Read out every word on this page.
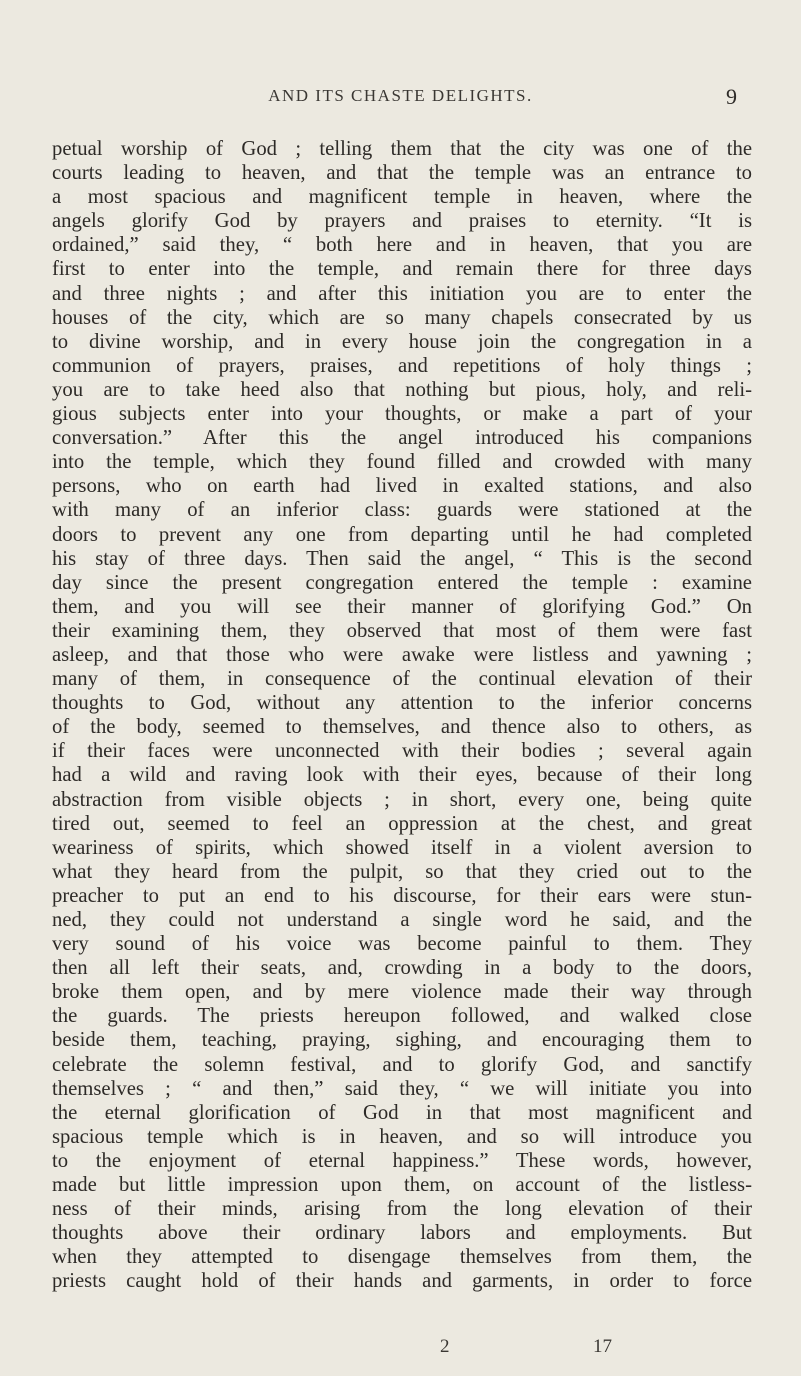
AND ITS CHASTE DELIGHTS.	9
petual worship of God ; telling them that the city was one of the
courts leading to heaven, and that the temple was an entrance to
a most spacious and magnificent temple in heaven, where the
angels glorify God by prayers and praises to eternity. “It is
ordained,” said they, “ both here and in heaven, that you are
first to enter into the temple, and remain there for three days
and three nights ; and after this initiation you are to enter the
houses of the city, which are so many chapels consecrated by us
to divine worship, and in every house join the congregation in a
communion of prayers, praises, and repetitions of holy things ;
you are to take heed also that nothing but pious, holy, and reli-
gious subjects enter into your thoughts, or make a part of your
conversation.” After this the angel introduced his companions
into the temple, which they found filled and crowded with many
persons, who on earth had lived in exalted stations, and also
with many of an inferior class: guards were stationed at the
doors to prevent any one from departing until he had completed
his stay of three days. Then said the angel, “ This is the second
day since the present congregation entered the temple : examine
them, and you will see their manner of glorifying God.” On
their examining them, they observed that most of them were fast
asleep, and that those who were awake were listless and yawning ;
many of them, in consequence of the continual elevation of their
thoughts to God, without any attention to the inferior concerns
of the body, seemed to themselves, and thence also to others, as
if their faces were unconnected with their bodies ; several again
had a wild and raving look with their eyes, because of their long
abstraction from visible objects ; in short, every one, being quite
tired out, seemed to feel an oppression at the chest, and great
weariness of spirits, which showed itself in a violent aversion to
what they heard from the pulpit, so that they cried out to the
preacher to put an end to his discourse, for their ears were stun-
ned, they could not understand a single word he said, and the
very sound of his voice was become painful to them. They
then all left their seats, and, crowding in a body to the doors,
broke them open, and by mere violence made their way through
the guards. The priests hereupon followed, and walked close
beside them, teaching, praying, sighing, and encouraging them to
celebrate the solemn festival, and to glorify God, and sanctify
themselves ; “ and then,” said they, “ we will initiate you into
the eternal glorification of God in that most magnificent and
spacious temple which is in heaven, and so will introduce you
to the enjoyment of eternal happiness.” These words, however,
made but little impression upon them, on account of the listless-
ness of their minds, arising from the long elevation of their
thoughts above their ordinary labors and employments. But
when they attempted to disengage themselves from them, the
priests caught hold of their hands and garments, in order to force
2	17
